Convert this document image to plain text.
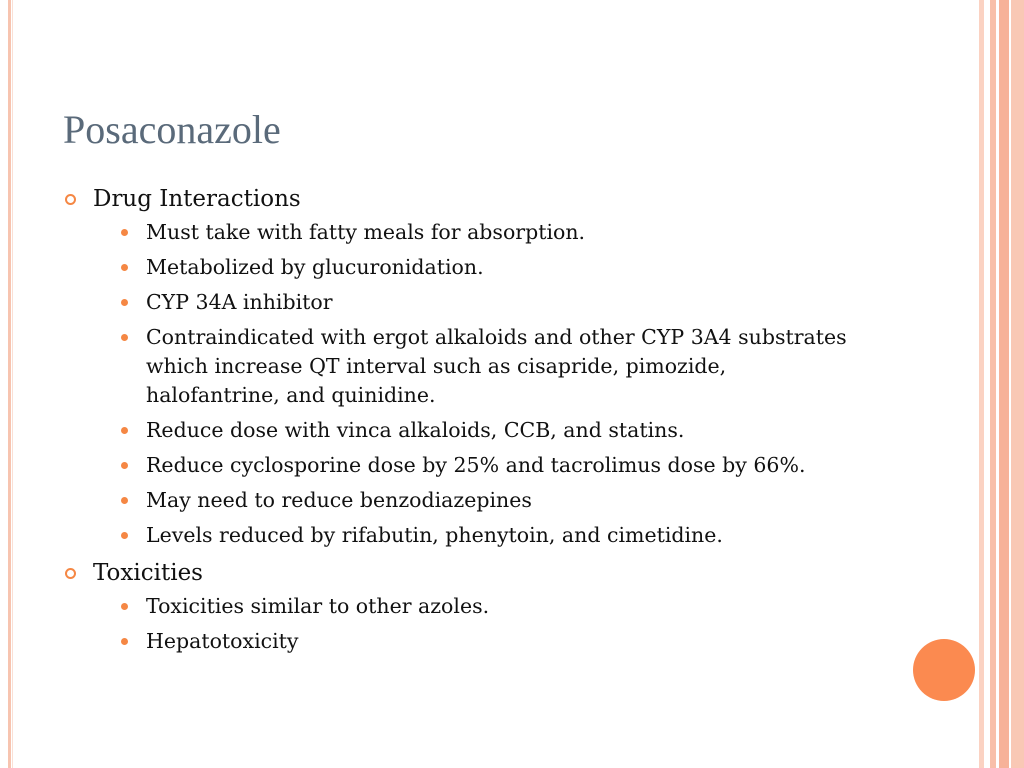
Posaconazole
Drug Interactions
Must take with fatty meals for absorption.
Metabolized by glucuronidation.
CYP 34A inhibitor
Contraindicated with ergot alkaloids and other CYP 3A4 substrates which increase QT interval such as cisapride, pimozide, halofantrine, and quinidine.
Reduce dose with vinca alkaloids, CCB, and statins.
Reduce cyclosporine dose by 25% and tacrolimus dose by 66%.
May need to reduce benzodiazepines
Levels reduced by rifabutin, phenytoin, and cimetidine.
Toxicities
Toxicities similar to other azoles.
Hepatotoxicity
